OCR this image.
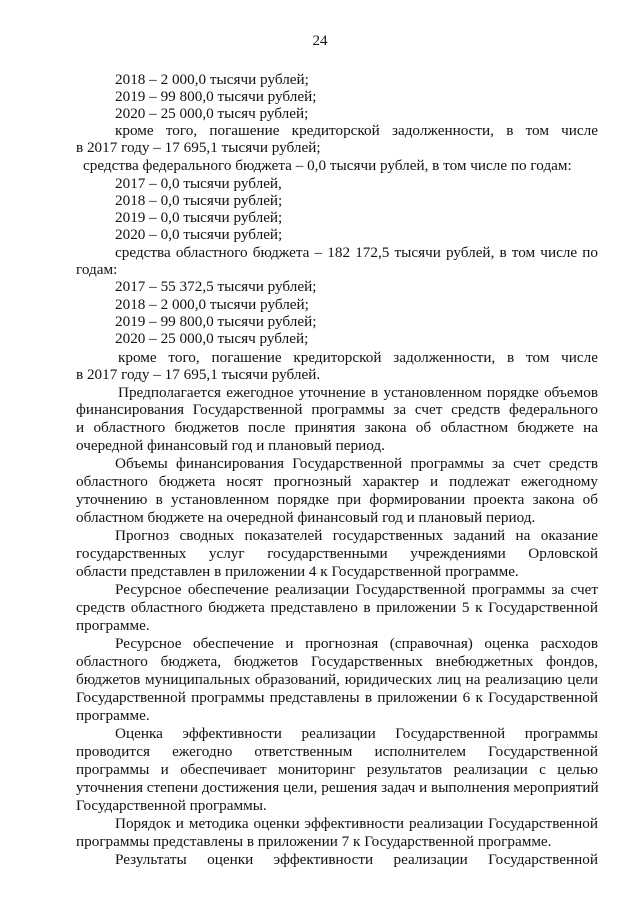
24
2018 – 2 000,0 тысячи рублей;
2019 – 99 800,0 тысячи рублей;
2020 – 25 000,0 тысяч рублей;
кроме того, погашение кредиторской задолженности, в том числе
в 2017 году – 17 695,1 тысячи рублей;
средства федерального бюджета – 0,0 тысячи рублей, в том числе по годам:
2017 – 0,0 тысячи рублей,
2018 – 0,0 тысячи рублей;
2019 – 0,0 тысячи рублей;
2020 – 0,0 тысячи рублей;
средства областного бюджета – 182 172,5 тысячи рублей, в том числе по
годам:
2017 – 55 372,5 тысячи рублей;
2018 – 2 000,0 тысячи рублей;
2019 – 99 800,0 тысячи рублей;
2020 – 25 000,0 тысяч рублей;
кроме того, погашение кредиторской задолженности, в том числе
в 2017 году – 17 695,1 тысячи рублей.
Предполагается ежегодное уточнение в установленном порядке объемов
финансирования Государственной программы за счет средств федерального
и областного бюджетов после принятия закона об областном бюджете на
очередной финансовый год и плановый период.
Объемы финансирования Государственной программы за счет средств
областного бюджета носят прогнозный характер и подлежат ежегодному
уточнению в установленном порядке при формировании проекта закона об
областном бюджете на очередной финансовый год и плановый период.
Прогноз сводных показателей государственных заданий на оказание
государственных услуг государственными учреждениями Орловской
области представлен в приложении 4 к Государственной программе.
Ресурсное обеспечение реализации Государственной программы за счет
средств областного бюджета представлено в приложении 5 к Государственной
программе.
Ресурсное обеспечение и прогнозная (справочная) оценка расходов
областного бюджета, бюджетов Государственных внебюджетных фондов,
бюджетов муниципальных образований, юридических лиц на реализацию цели
Государственной программы представлены в приложении 6 к Государственной
программе.
Оценка эффективности реализации Государственной программы
проводится ежегодно ответственным исполнителем Государственной
программы и обеспечивает мониторинг результатов реализации с целью
уточнения степени достижения цели, решения задач и выполнения мероприятий
Государственной программы.
Порядок и методика оценки эффективности реализации Государственной
программы представлены в приложении 7 к Государственной программе.
Результаты оценки эффективности реализации Государственной
